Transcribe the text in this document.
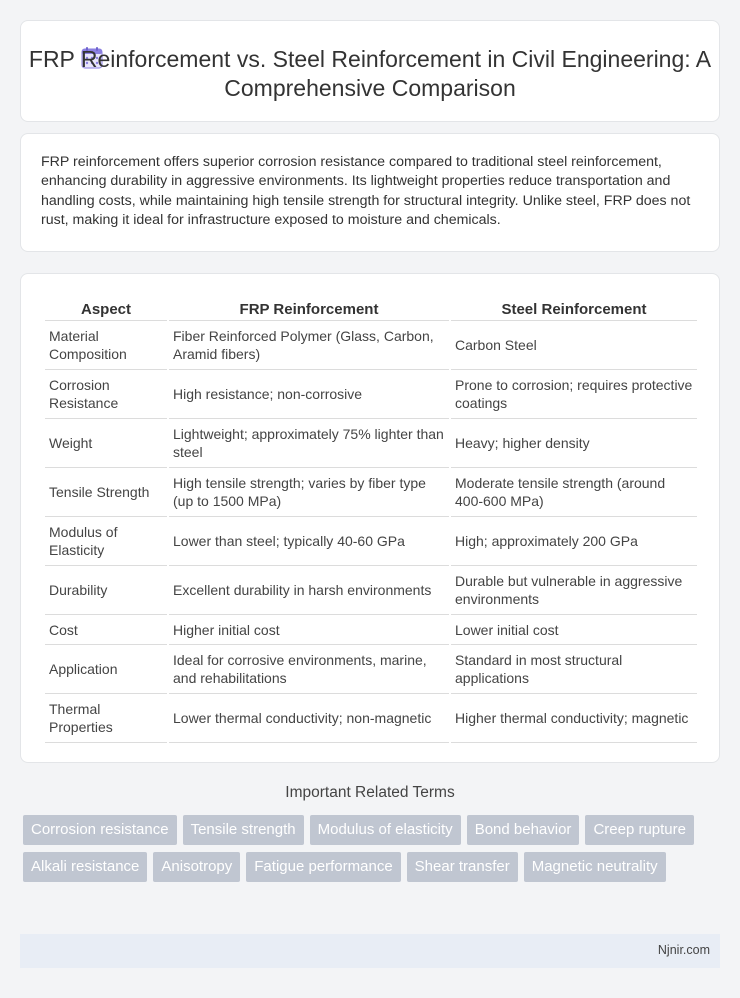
FRP Reinforcement vs. Steel Reinforcement in Civil Engineering: A Comprehensive Comparison

FRP reinforcement offers superior corrosion resistance compared to traditional steel reinforcement, enhancing durability in aggressive environments. Its lightweight properties reduce transportation and handling costs, while maintaining high tensile strength for structural integrity. Unlike steel, FRP does not rust, making it ideal for infrastructure exposed to moisture and chemicals.

Aspect	FRP Reinforcement	Steel Reinforcement
Material Composition	Fiber Reinforced Polymer (Glass, Carbon, Aramid fibers)	Carbon Steel
Corrosion Resistance	High resistance; non-corrosive	Prone to corrosion; requires protective coatings
Weight	Lightweight; approximately 75% lighter than steel	Heavy; higher density
Tensile Strength	High tensile strength; varies by fiber type (up to 1500 MPa)	Moderate tensile strength (around 400-600 MPa)
Modulus of Elasticity	Lower than steel; typically 40-60 GPa	High; approximately 200 GPa
Durability	Excellent durability in harsh environments	Durable but vulnerable in aggressive environments
Cost	Higher initial cost	Lower initial cost
Application	Ideal for corrosive environments, marine, and rehabilitations	Standard in most structural applications
Thermal Properties	Lower thermal conductivity; non-magnetic	Higher thermal conductivity; magnetic
Important Related Terms
Corrosion resistance	Tensile strength	Modulus of elasticity	Bond behavior	Creep rupture
Alkali resistance	Anisotropy	Fatigue performance	Shear transfer	Magnetic neutrality
Njnir.com
